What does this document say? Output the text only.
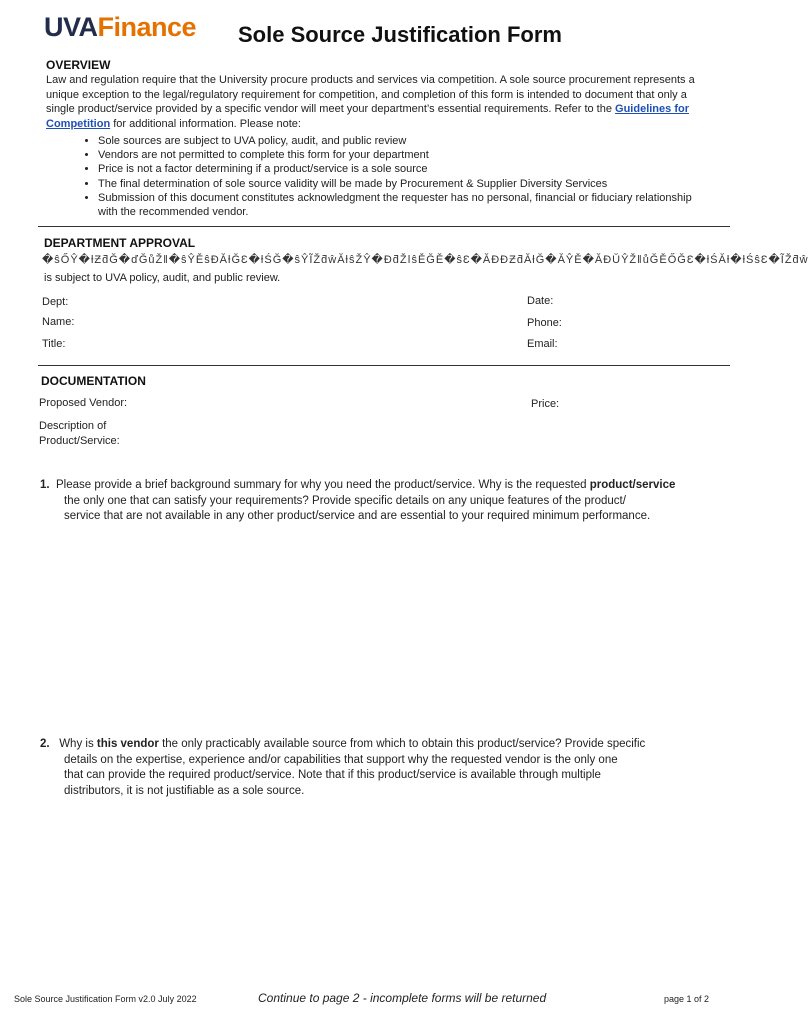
UVAFinance Sole Source Justification Form
OVERVIEW
Law and regulation require that the University procure products and services via competition. A sole source procurement represents a
unique exception to the legal/regulatory requirement for competition, and completion of this form is intended to document that only a
single product/service provided by a specific vendor will meet your department’s essential requirements. Refer to the Guidelines for
Competition for additional information. Please note:
• Sole sources are subject to UVA policy, audit, and public review
• Vendors are not permitted to complete this form for your department
• Price is not a factor determining if a product/service is a sole source
• The final determination of sole source validity will be made by Procurement & Supplier Diversity Services
• Submission of this document constitutes acknowledgment the requester has no personal, financial or fiduciary relationship with the recommended vendor.
DEPARTMENT APPROVAL
�ŝŐŶ�ƚƵƌĞ�ďĞůŽǁ�ŝŶĚŝĐĂƚĞƐ�ƚŚĞ�ŝŶĨŽƌŵĂƚŝŽŶ�ƉƌŽǀŝĚĞĚ�ŝƐ�ĂĐĐƵƌĂƚĞ�ĂŶĚ�ĂĐŬŶŽǁůĞĚŐĞƐ�ƚŚĂƚ�ƚŚŝƐ�ĨŽƌŵ
is subject to UVA policy, audit, and public review.
Dept:	Date:
Name:	Phone:
Title:	Email:
DOCUMENTATION
Proposed Vendor:	Price:
Description of
Product/Service:
1. Please provide a brief background summary for why you need the product/service. Why is the requested product/service
the only one that can satisfy your requirements? Provide specific details on any unique features of the product/
service that are not available in any other product/service and are essential to your required minimum performance.
2. Why is this vendor the only practicably available source from which to obtain this product/service? Provide specific
details on the expertise, experience and/or capabilities that support why the requested vendor is the only one
that can provide the required product/service. Note that if this product/service is available through multiple
distributors, it is not justifiable as a sole source.
Sole Source Justification Form v2.0 July 2022	Continue to page 2 - incomplete forms will be returned	page 1 of 2
